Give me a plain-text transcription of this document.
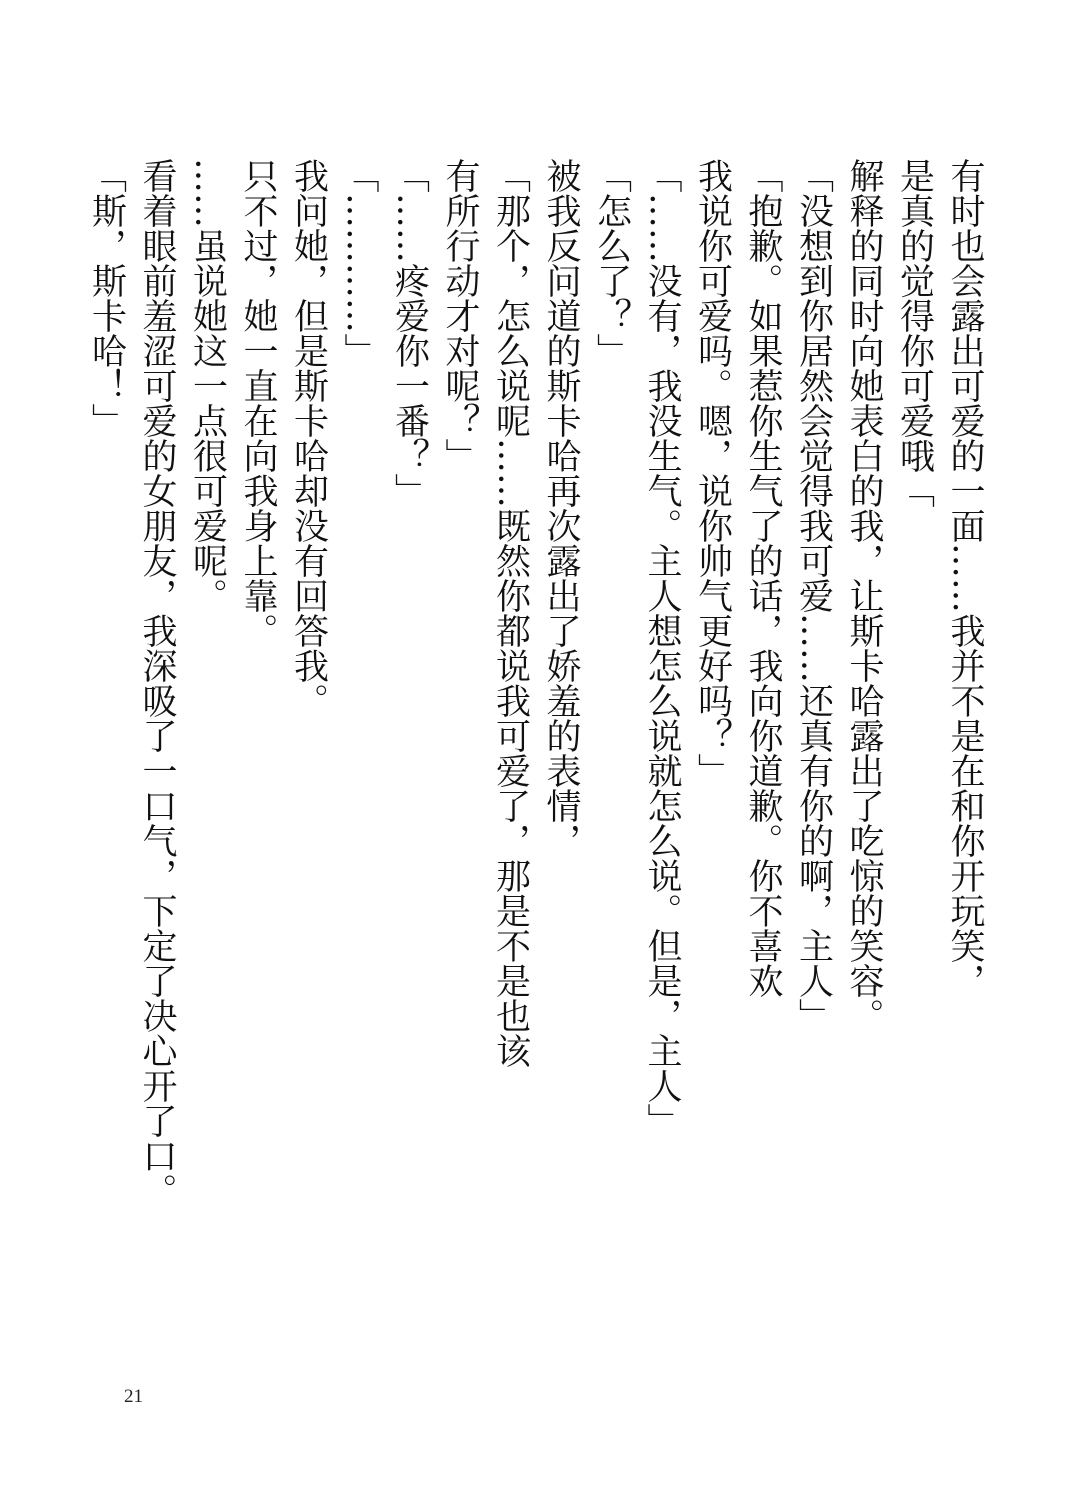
有时也会露出可爱的一面……我并不是在和你开玩笑，
是真的觉得你可爱哦「
解释的同时向她表白的我，让斯卡哈露出了吃惊的笑容。
「没想到你居然会觉得我可爱……还真有你的啊，主人」
「抱歉。如果惹你生气了的话，我向你道歉。你不喜欢
我说你可爱吗。嗯，说你帅气更好吗？」
「……没有，我没生气。主人想怎么说就怎么说。但是，主人」
「怎么了？」
被我反问道的斯卡哈再次露出了娇羞的表情，
「那个，怎么说呢……既然你都说我可爱了，那是不是也该
有所行动才对呢？」
「……疼爱你一番？」
「…………」
我问她，但是斯卡哈却没有回答我。
只不过，她一直在向我身上靠。
……虽说她这一点很可爱呢。
看着眼前羞涩可爱的女朋友，我深吸了一口气，下定了决心开了口。
「斯，斯卡哈！」
21
